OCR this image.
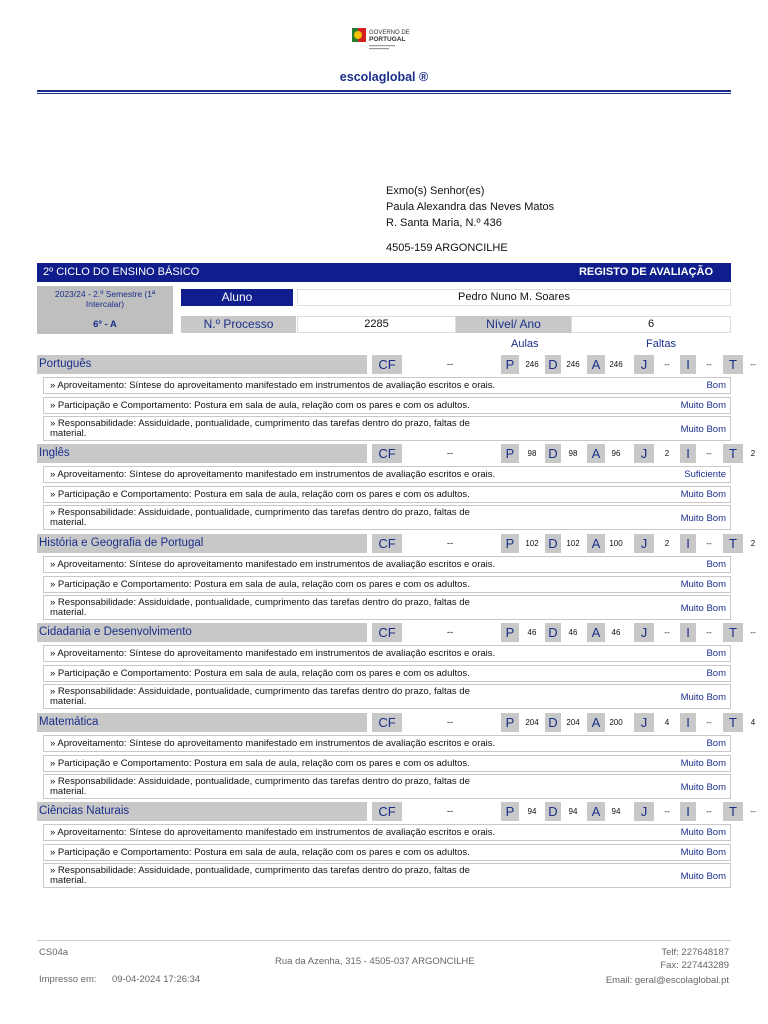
GOVERNO DE
PORTUGAL
escolaglobal ®
Exmo(s) Senhor(es)
Paula Alexandra das Neves Matos
R. Santa Maria, N.º 436
4505-159 ARGONCILHE
2º CICLO DO ENSINO BÁSICO	REGISTO DE AVALIAÇÃO
2023/24 - 2.º Semestre (1ª Intercalar)
6º - A
Aluno	Pedro Nuno M. Soares
N.º Processo	2285	Nível/ Ano	6
Aulas	Faltas
Português	CF	--	P	246 D	246 A	246	J	--	I	--	T	--
» Aproveitamento: Síntese do aproveitamento manifestado em instrumentos de avaliação escritos e orais.	Bom
» Participação e Comportamento: Postura em sala de aula, relação com os pares e com os adultos.	Muito Bom
» Responsabilidade: Assiduidade, pontualidade, cumprimento das tarefas dentro do prazo, faltas de
material.	Muito Bom
Inglês	CF	--	P	98 D	98	A	96	J	2	I	--	T	2
» Aproveitamento: Síntese do aproveitamento manifestado em instrumentos de avaliação escritos e orais.	Suficiente
» Participação e Comportamento: Postura em sala de aula, relação com os pares e com os adultos.	Muito Bom
» Responsabilidade: Assiduidade, pontualidade, cumprimento das tarefas dentro do prazo, faltas de
material.	Muito Bom
História e Geografia de Portugal	CF	--	P	102 D	102 A	100	J	2	I	--	T	2
» Aproveitamento: Síntese do aproveitamento manifestado em instrumentos de avaliação escritos e orais.	Bom
» Participação e Comportamento: Postura em sala de aula, relação com os pares e com os adultos.	Muito Bom
» Responsabilidade: Assiduidade, pontualidade, cumprimento das tarefas dentro do prazo, faltas de
material.	Muito Bom
Cidadania e Desenvolvimento	CF	--	P	46 D	46	A	46	J	--	I	--	T	--
» Aproveitamento: Síntese do aproveitamento manifestado em instrumentos de avaliação escritos e orais.	Bom
» Participação e Comportamento: Postura em sala de aula, relação com os pares e com os adultos.	Bom
» Responsabilidade: Assiduidade, pontualidade, cumprimento das tarefas dentro do prazo, faltas de
material.	Muito Bom
Matemática	CF	--	P	204 D	204 A	200	J	4	I	--	T	4
» Aproveitamento: Síntese do aproveitamento manifestado em instrumentos de avaliação escritos e orais.	Bom
» Participação e Comportamento: Postura em sala de aula, relação com os pares e com os adultos.	Muito Bom
» Responsabilidade: Assiduidade, pontualidade, cumprimento das tarefas dentro do prazo, faltas de
material.	Muito Bom
Ciências Naturais	CF	--	P	94 D	94	A	94	J	--	I	--	T	--
» Aproveitamento: Síntese do aproveitamento manifestado em instrumentos de avaliação escritos e orais.	Muito Bom
» Participação e Comportamento: Postura em sala de aula, relação com os pares e com os adultos.	Muito Bom
» Responsabilidade: Assiduidade, pontualidade, cumprimento das tarefas dentro do prazo, faltas de
material.	Muito Bom
CS04a
Impresso em: 09-04-2024 17:26:34
Rua da Azenha, 315 - 4505-037 ARGONCILHE
Telf: 227648187
Fax: 227443289
Email: geral@escolaglobal.pt
